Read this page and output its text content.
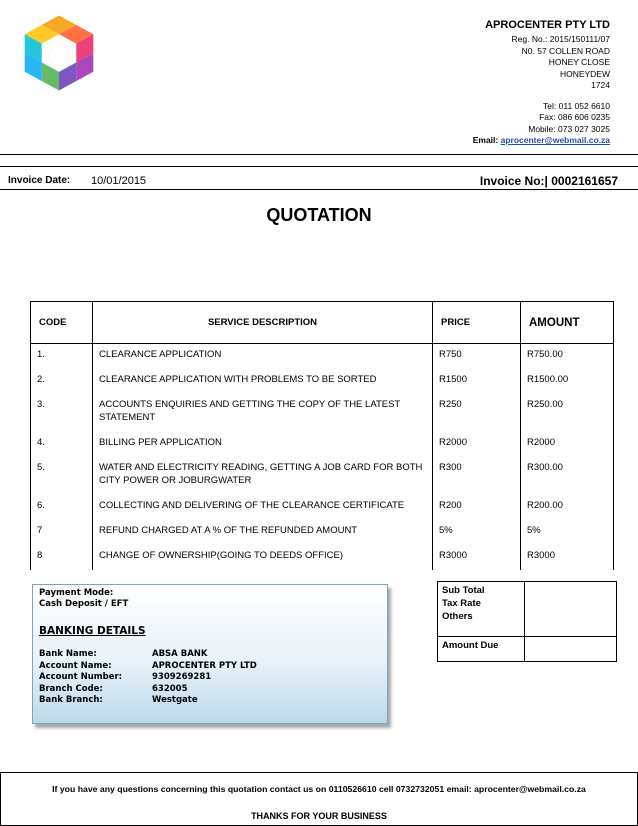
APROCENTER PTY LTD
Reg. No.: 2015/150111/07
N0. 57 COLLEN ROAD
HONEY CLOSE
HONEYDEW
1724
Tel: 011 052 6610
Fax: 086 606 0235
Mobile: 073 027 3025
Email: aprocenter@webmail.co.za
Invoice Date: 10/01/2015	Invoice No:| 0002161657
QUOTATION
CODE	SERVICE DESCRIPTION	PRICE	AMOUNT
1.	CLEARANCE APPLICATION	R750	R750.00
2.	CLEARANCE APPLICATION WITH PROBLEMS TO BE SORTED	R1500	R1500.00
3.	ACCOUNTS ENQUIRIES AND GETTING THE COPY OF THE LATEST STATEMENT	R250	R250.00
4.	BILLING PER APPLICATION	R2000	R2000
5.	WATER AND ELECTRICITY READING, GETTING A JOB CARD FOR BOTH CITY POWER OR JOBURGWATER	R300	R300.00
6.	COLLECTING AND DELIVERING OF THE CLEARANCE CERTIFICATE	R200	R200.00
7	REFUND CHARGED AT A % OF THE REFUNDED AMOUNT	5%	5%
8	CHANGE OF OWNERSHIP(GOING TO DEEDS OFFICE)	R3000	R3000
Sub Total
Tax Rate
Others	

Amount Due	
Payment Mode:
Cash Deposit / EFT
BANKING DETAILS
Bank Name:	ABSA BANK
Account Name:	APROCENTER PTY LTD
Account Number:	9309269281
Branch Code:	632005
Bank Branch:	Westgate
If you have any questions concerning this quotation contact us on 0110526610 cell 0732732051 email: aprocenter@webmail.co.za
THANKS FOR YOUR BUSINESS
